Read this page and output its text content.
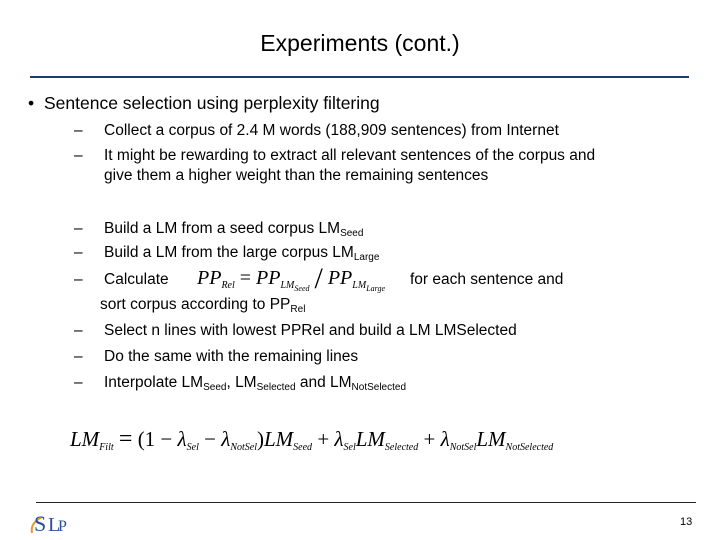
Experiments (cont.)
• Sentence selection using perplexity filtering
– Collect a corpus of 2.4 M words (188,909 sentences) from Internet
– It might be rewarding to extract all relevant sentences of the corpus and
give them a higher weight than the remaining sentences
– Build a LM from a seed corpus $LM_{Seed}$
– Build a LM from the large corpus $LM_{Large}$
– Calculate $PP_{Rel} = PP_{LM_{Seed}} / PP_{LM_{Large}}$
for each sentence and
sort corpus according to $PP_{Rel}$
– Select n lines with lowest PPRel and build a LM LMSelected
– Do the same with the remaining lines
– Interpolate $LM_{Seed}$, $LM_{Selected}$ and $LM_{NotSelected}$
LMFilt = (1 − λSel − λNotSel)LMSeed + λSelLMSelected + λNotSelLMNotSelected
S L
P	13
